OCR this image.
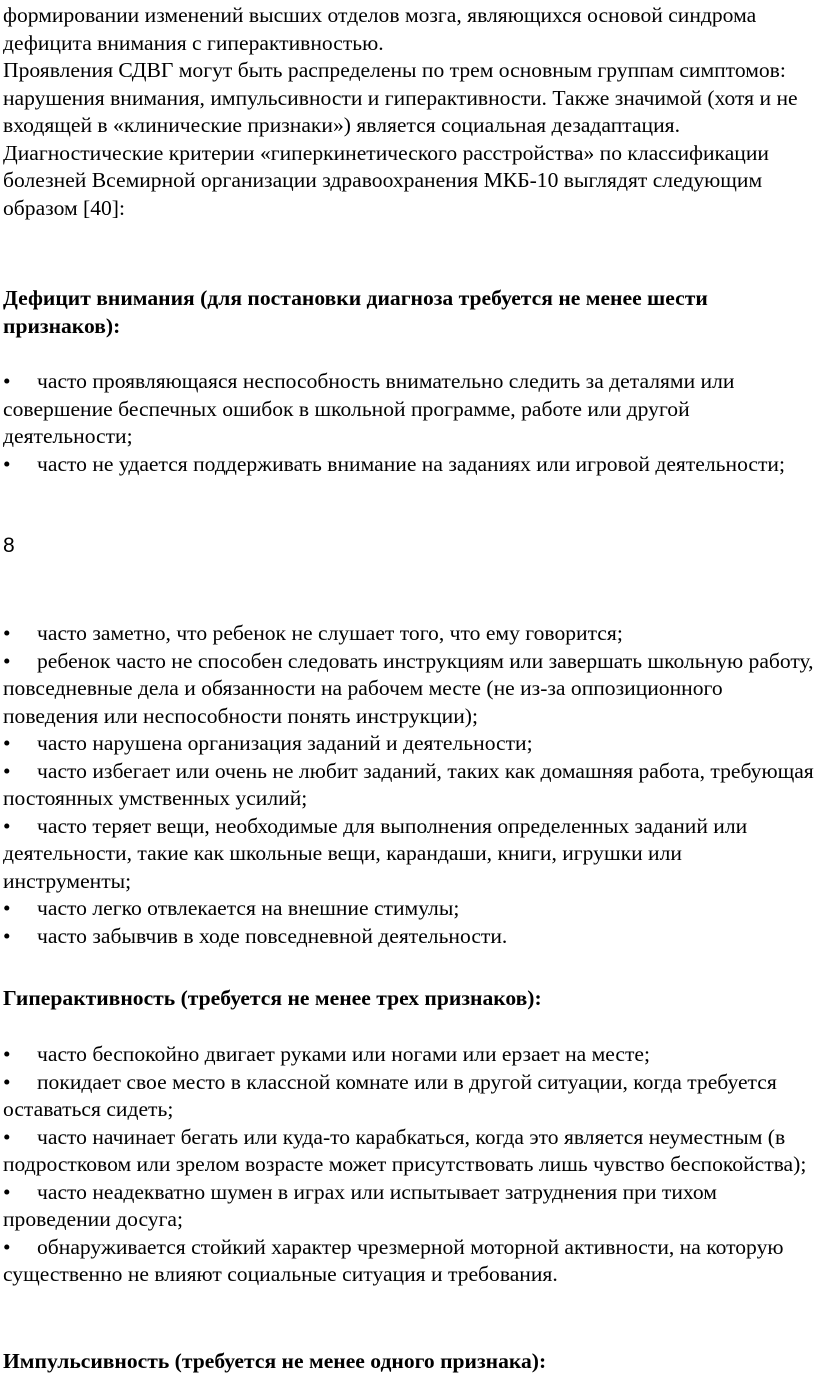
формировании изменений высших отделов мозга, являющихся основой синдрома дефицита внимания с гиперактивностью.

Проявления СДВГ могут быть распределены по трем основным группам симптомов: нарушения внимания, импульсивности и гиперактивности. Также значимой (хотя и не входящей в «клинические признаки») является социальная дезадаптация.

Диагностические критерии «гиперкинетического расстройства» по классификации болезней Всемирной организации здравоохранения МКБ-10 выглядят следующим образом [40]:

Дефицит внимания (для постановки диагноза требуется не менее шести признаков):

• часто проявляющаяся неспособность внимательно следить за деталями или совершение беспечных ошибок в школьной программе, работе или другой деятельности;

• часто не удается поддерживать внимание на заданиях или игровой деятельности;

8

• часто заметно, что ребенок не слушает того, что ему говорится;

• ребенок часто не способен следовать инструкциям или завершать школьную работу, повседневные дела и обязанности на рабочем месте (не из-за оппозиционного поведения или неспособности понять инструкции);

• часто нарушена организация заданий и деятельности;

• часто избегает или очень не любит заданий, таких как домашняя работа, требующая постоянных умственных усилий;

• часто теряет вещи, необходимые для выполнения определенных заданий или деятельности, такие как школьные вещи, карандаши, книги, игрушки или инструменты;

• часто легко отвлекается на внешние стимулы;

• часто забывчив в ходе повседневной деятельности.

Гиперактивность (требуется не менее трех признаков):

• часто беспокойно двигает руками или ногами или ерзает на месте;

• покидает свое место в классной комнате или в другой ситуации, когда требуется оставаться сидеть;

• часто начинает бегать или куда-то карабкаться, когда это является неуместным (в подростковом или зрелом возрасте может присутствовать лишь чувство беспокойства);

• часто неадекватно шумен в играх или испытывает затруднения при тихом проведении досуга;

• обнаруживается стойкий характер чрезмерной моторной активности, на которую существенно не влияют социальные ситуация и требования.

Импульсивность (требуется не менее одного признака):
